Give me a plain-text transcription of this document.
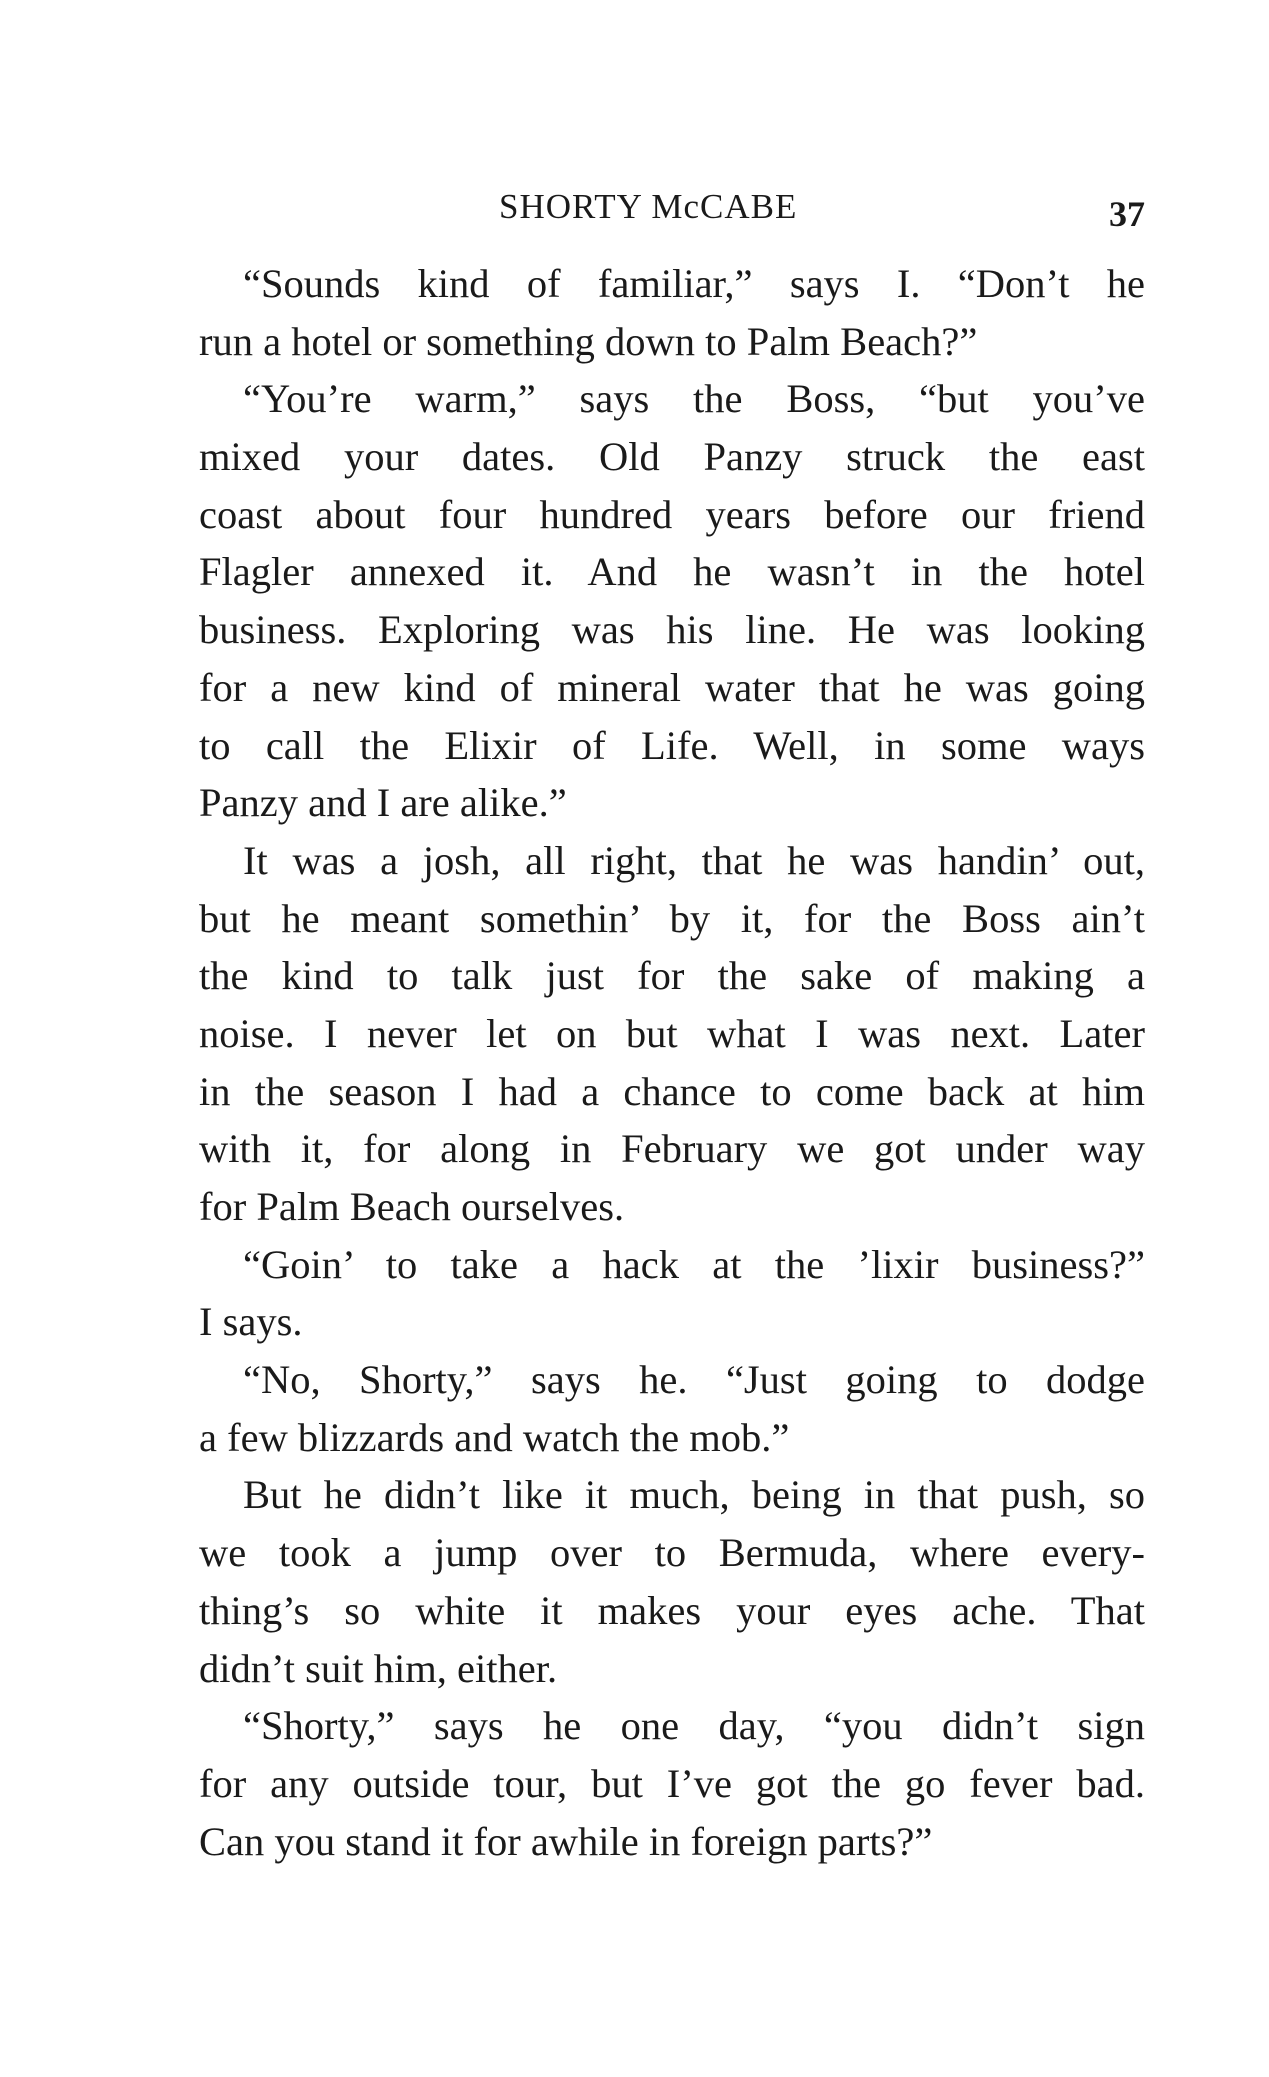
SHORTY McCABE	37
“Sounds kind of familiar,” says I. “Don’t he
run a hotel or something down to Palm Beach?”
“You’re warm,” says the Boss, “but you’ve
mixed your dates. Old Panzy struck the east
coast about four hundred years before our friend
Flagler annexed it. And he wasn’t in the hotel
business. Exploring was his line. He was looking
for a new kind of mineral water that he was going
to call the Elixir of Life. Well, in some ways
Panzy and I are alike.”
It was a josh, all right, that he was handin’ out,
but he meant somethin’ by it, for the Boss ain’t
the kind to talk just for the sake of making a
noise. I never let on but what I was next. Later
in the season I had a chance to come back at him
with it, for along in February we got under way
for Palm Beach ourselves.
“Goin’ to take a hack at the ’lixir business?”
I says.
“No, Shorty,” says he. “Just going to dodge
a few blizzards and watch the mob.”
But he didn’t like it much, being in that push, so
we took a jump over to Bermuda, where every-
thing’s so white it makes your eyes ache. That
didn’t suit him, either.
“Shorty,” says he one day, “you didn’t sign
for any outside tour, but I’ve got the go fever bad.
Can you stand it for awhile in foreign parts?”
